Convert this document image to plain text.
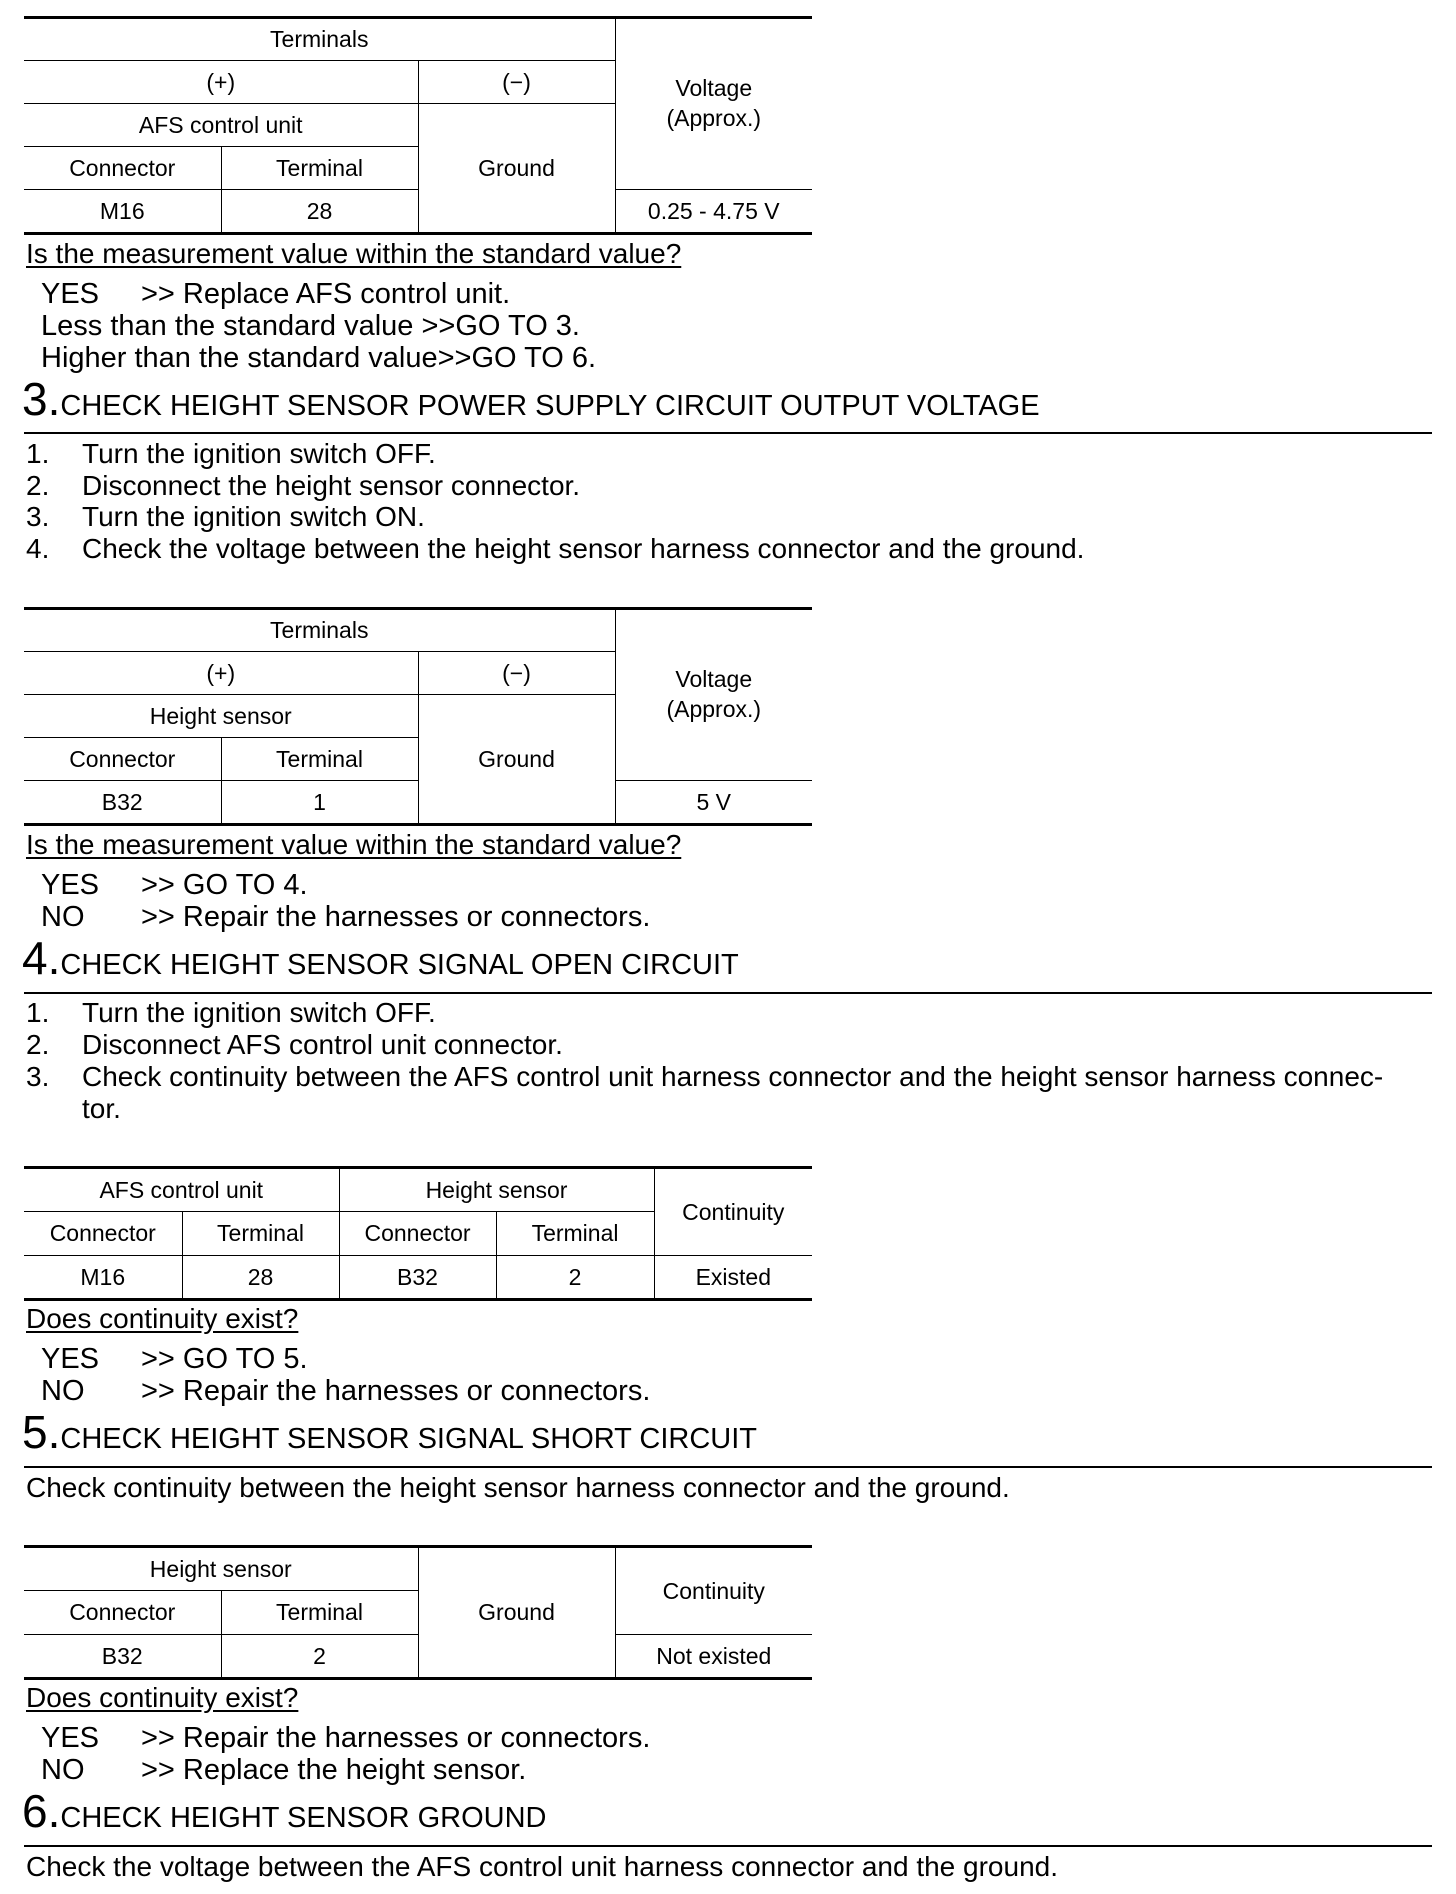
Terminals			Voltage
(Approx.)
(+)		(−)	
AFS control unit		Ground	
Connector	Terminal		
M16	28		0.25 - 4.75 V
Is the measurement value within the standard value?
YES >> Replace AFS control unit.
Less than the standard value >>GO TO 3.
Higher than the standard value>>GO TO 6.
3.CHECK HEIGHT SENSOR POWER SUPPLY CIRCUIT OUTPUT VOLTAGE
1. Turn the ignition switch OFF.
2. Disconnect the height sensor connector.
3. Turn the ignition switch ON.
4. Check the voltage between the height sensor harness connector and the ground.
Terminals			Voltage
(Approx.)
(+)		(−)	
Height sensor		Ground	
Connector	Terminal		
B32	1		5 V
Is the measurement value within the standard value?
YES >> GO TO 4.
NO >> Repair the harnesses or connectors.
4.CHECK HEIGHT SENSOR SIGNAL OPEN CIRCUIT
1. Turn the ignition switch OFF.
2. Disconnect AFS control unit connector.
3. Check continuity between the AFS control unit harness connector and the height sensor harness connec-
tor.
AFS control unit		Height sensor		Continuity
Connector	Terminal	Connector	Terminal	
M16	28	B32	2	Existed
Does continuity exist?
YES >> GO TO 5.
NO >> Repair the harnesses or connectors.
5.CHECK HEIGHT SENSOR SIGNAL SHORT CIRCUIT
Check continuity between the height sensor harness connector and the ground.
Height sensor		Ground	Continuity
Connector	Terminal		
B32	2		Not existed
Does continuity exist?
YES >> Repair the harnesses or connectors.
NO >> Replace the height sensor.
6.CHECK HEIGHT SENSOR GROUND
Check the voltage between the AFS control unit harness connector and the ground.
